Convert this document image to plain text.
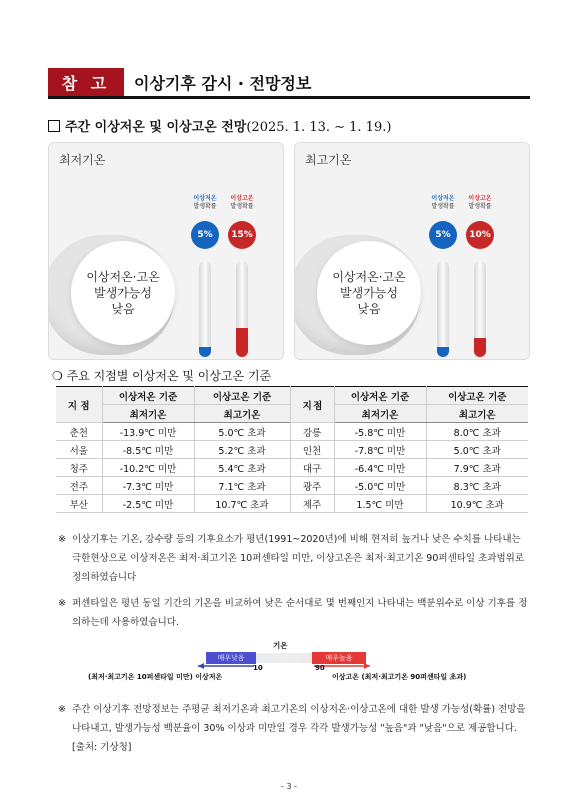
참 고	이상기후 감시 · 전망정보
주간 이상저온 및 이상고온 전망(2025. 1. 13. ∼ 1. 19.)
최저기온
이상저온·고온
발생가능성
낮음
이상저온
발생확률
이상고온
발생확률
5%	15%
최고기온
이상저온·고온
발생가능성
낮음
이상저온
발생확률
이상고온
발생확률
5%	10%
❍ 주요 지점별 이상저온 및 이상고온 기준
지 점	이상저온 기준	이상고온 기준	지 점	이상저온 기준	이상고온 기준
	최저기온	최고기온		최저기온	최고기온
춘천	-13.9℃ 미만	5.0℃ 초과	강릉	-5.8℃ 미만	8.0℃ 초과
서울	-8.5℃ 미만	5.2℃ 초과	인천	-7.8℃ 미만	5.0℃ 초과
청주	-10.2℃ 미만	5.4℃ 초과	대구	-6.4℃ 미만	7.9℃ 초과
전주	-7.3℃ 미만	7.1℃ 초과	광주	-5.0℃ 미만	8.3℃ 초과
부산	-2.5℃ 미만	10.7℃ 초과	제주	1.5℃ 미만	10.9℃ 초과
※ 이상기후는 기온, 강수량 등의 기후요소가 평년(1991~2020년)에 비해 현저히 높거나 낮은 수치를 나타내는 극한현상으로 이상저온은 최저·최고기온 10퍼센타일 미만, 이상고온은 최저·최고기온 90퍼센타일 초과범위로 정의하였습니다
※ 퍼센타일은 평년 동일 기간의 기온을 비교하여 낮은 순서대로 몇 번째인지 나타내는 백분위수로 이상 기후를 정의하는데 사용하였습니다.
기온
매우낮음	매우높음
10	90
(최저·최고기온 10퍼센타일 미만) 이상저온	이상고온 (최저·최고기온 90퍼센타일 초과)
※ 주간 이상기후 전망정보는 주평균 최저기온과 최고기온의 이상저온·이상고온에 대한 발생 가능성(확률) 전망을 나타내고, 발생가능성 백분율이 30% 이상과 미만일 경우 각각 발생가능성 "높음"과 "낮음"으로 제공합니다. [출처: 기상청]
- 3 -
